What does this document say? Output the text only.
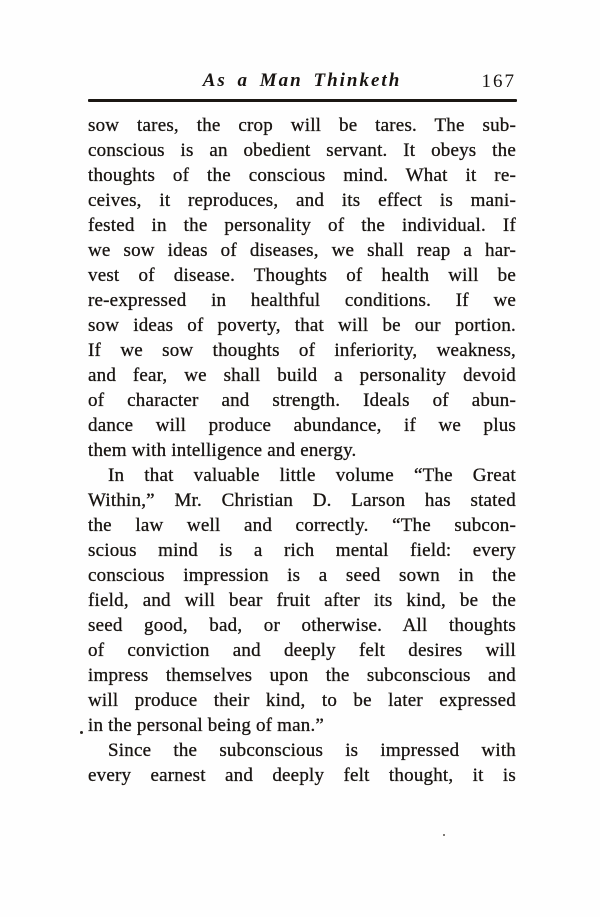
As a Man Thinketh	167
sow tares, the crop will be tares. The sub-
conscious is an obedient servant. It obeys the
thoughts of the conscious mind. What it re-
ceives, it reproduces, and its effect is mani-
fested in the personality of the individual. If
we sow ideas of diseases, we shall reap a har-
vest of disease. Thoughts of health will be
re-expressed in healthful conditions. If we
sow ideas of poverty, that will be our portion.
If we sow thoughts of inferiority, weakness,
and fear, we shall build a personality devoid
of character and strength. Ideals of abun-
dance will produce abundance, if we plus
them with intelligence and energy.
In that valuable little volume “The Great
Within,” Mr. Christian D. Larson has stated
the law well and correctly. “The subcon-
scious mind is a rich mental field: every
conscious impression is a seed sown in the
field, and will bear fruit after its kind, be the
seed good, bad, or otherwise. All thoughts
of conviction and deeply felt desires will
impress themselves upon the subconscious and
will produce their kind, to be later expressed
in the personal being of man.”
Since the subconscious is impressed with
every earnest and deeply felt thought, it is
